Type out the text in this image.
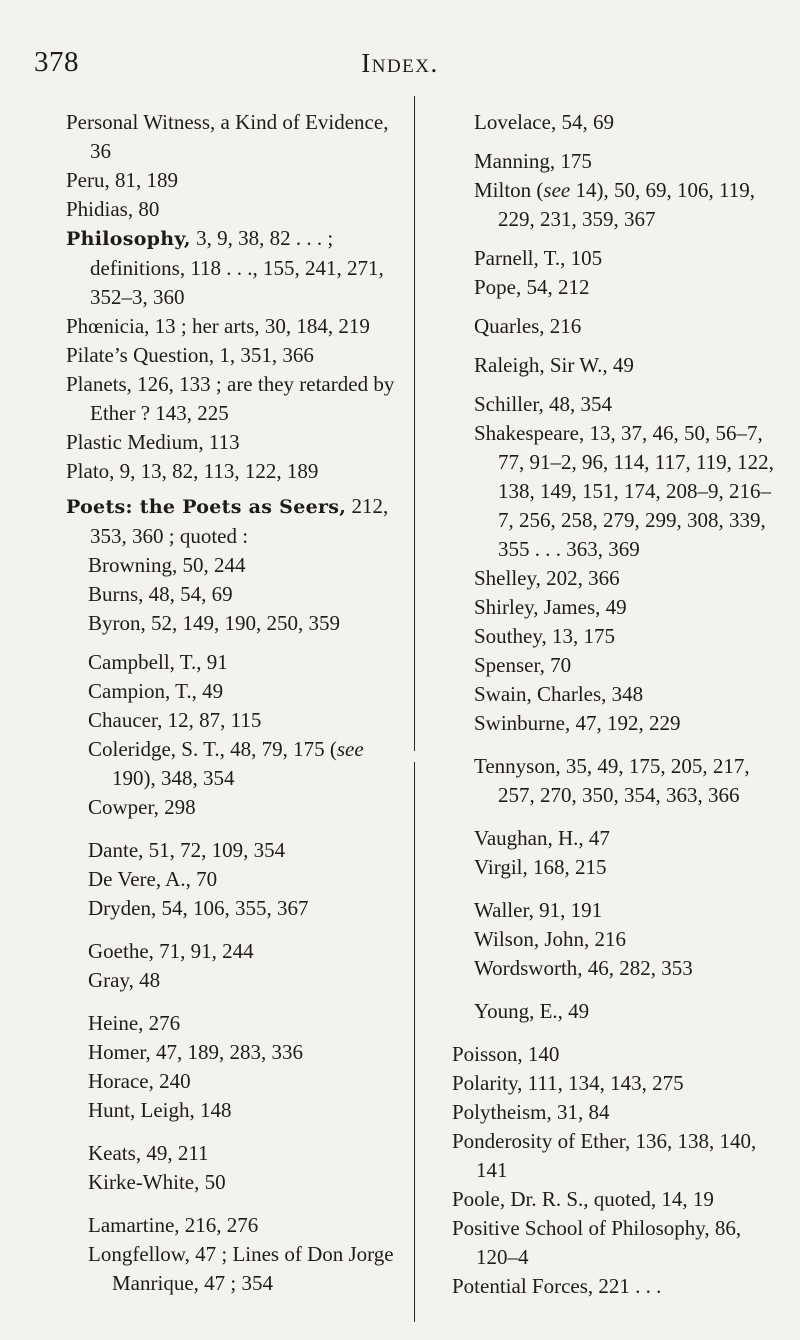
378	Index.
Personal Witness, a Kind of Evidence, 36
Peru, 81, 189
Phidias, 80
Philosophy, 3, 9, 38, 82 . . . ; definitions, 118 . . ., 155, 241, 271, 352–3, 360
Phœnicia, 13 ; her arts, 30, 184, 219
Pilate’s Question, 1, 351, 366
Planets, 126, 133 ; are they retarded by Ether ? 143, 225
Plastic Medium, 113
Plato, 9, 13, 82, 113, 122, 189
Poets: the Poets as Seers, 212, 353, 360 ; quoted :
Browning, 50, 244
Burns, 48, 54, 69
Byron, 52, 149, 190, 250, 359
Campbell, T., 91
Campion, T., 49
Chaucer, 12, 87, 115
Coleridge, S. T., 48, 79, 175 (see 190), 348, 354
Cowper, 298
Dante, 51, 72, 109, 354
De Vere, A., 70
Dryden, 54, 106, 355, 367
Goethe, 71, 91, 244
Gray, 48
Heine, 276
Homer, 47, 189, 283, 336
Horace, 240
Hunt, Leigh, 148
Keats, 49, 211
Kirke-White, 50
Lamartine, 216, 276
Longfellow, 47 ; Lines of Don Jorge Manrique, 47 ; 354
Lovelace, 54, 69
Manning, 175
Milton (see 14), 50, 69, 106, 119, 229, 231, 359, 367
Parnell, T., 105
Pope, 54, 212
Quarles, 216
Raleigh, Sir W., 49
Schiller, 48, 354
Shakespeare, 13, 37, 46, 50, 56–7, 77, 91–2, 96, 114, 117, 119, 122, 138, 149, 151, 174, 208–9, 216–7, 256, 258, 279, 299, 308, 339, 355 . . . 363, 369
Shelley, 202, 366
Shirley, James, 49
Southey, 13, 175
Spenser, 70
Swain, Charles, 348
Swinburne, 47, 192, 229
Tennyson, 35, 49, 175, 205, 217, 257, 270, 350, 354, 363, 366
Vaughan, H., 47
Virgil, 168, 215
Waller, 91, 191
Wilson, John, 216
Wordsworth, 46, 282, 353
Young, E., 49
Poisson, 140
Polarity, 111, 134, 143, 275
Polytheism, 31, 84
Ponderosity of Ether, 136, 138, 140, 141
Poole, Dr. R. S., quoted, 14, 19
Positive School of Philosophy, 86, 120–4
Potential Forces, 221 . . .
